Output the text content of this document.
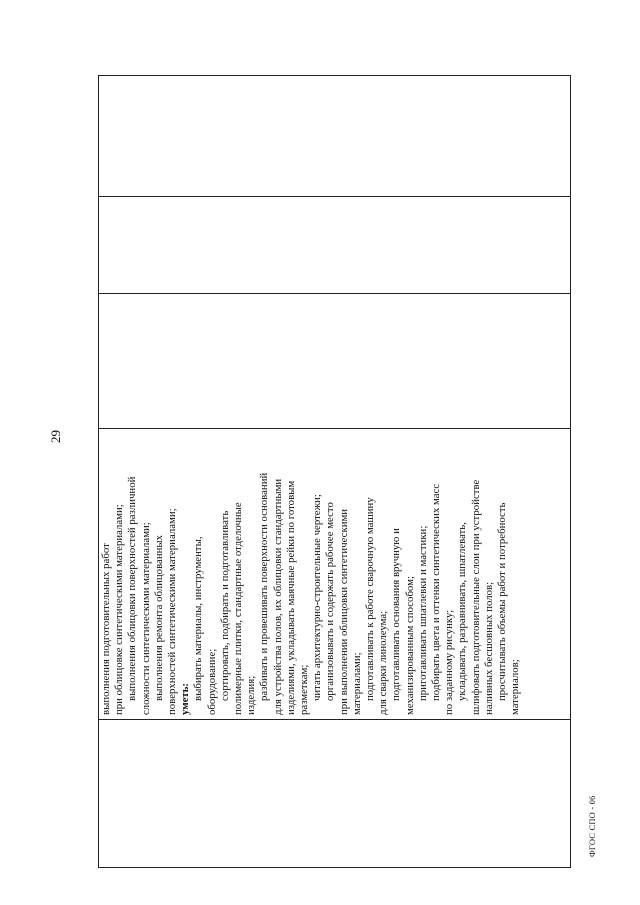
29

выполнения подготовительных работ при облицовке синтетическими материалами; выполнения облицовки поверхностей различной сложности синтетическими материалами; выполнения ремонта облицованных поверхностей синтетическими материалами; уметь: выбирать материалы, инструменты, оборудование; сортировать, подбирать и подготавливать полимерные плитки, стандартные отделочные изделия; разбивать и провешивать поверхности оснований для устройства полов, их облицовки стандартными изделиями, укладывать маячные рейки по готовым разметкам; читать архитектурно-строительные чертежи; организовывать и содержать рабочее место при выполнении облицовки синтетическими материалами; подготавливать к работе сварочную машину для сварки линолеума; подготавливать основания вручную и механизированным способом; приготавливать шпатлевки и мастики; подбирать цвета и оттенки синтетических масс по заданному рисунку; укладывать, разравнивать, шпатлевать, шлифовать подготовительные слои при устройстве наливных бесшовных полов; просчитывать объемы работ и потребность материалов;

ФГОС СПО - 06
